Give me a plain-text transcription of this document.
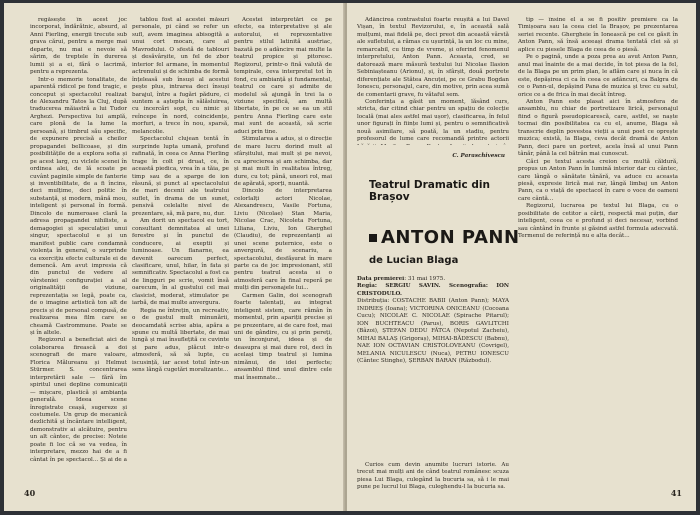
regăsește în acest joc incorporat, îndărătnic, absurd, al Anni Fierling, energii trecute sub grava cărui, pentru a merge mai departe, nu mai e nevoie să sărim, de treptele în durerea lumii și a ei, fără o lacrimă, pentru a reprezenta.

Intr-o memorie tonalitate, de aparentă ridicol pe fond tragic, e conceput și spectacolul realizat de Alexandru Tatos la Cluj, după traducerea măiastră a lui Tudor Arghezi. Perspectiva lui amplă, care plonă de la lume la persoană, și timbrul său specific, de expunere precisă a cheilor propagandei bellicoase, și din posibilitățile de a explora sofia și pe acest larg, cu viclele scenei în ordinea alei, de lă scoate pe cuvânt paginile simple de fanterie și inventibilitate, de a fi încins, deci mulțime, deci politic în substanță, și modern, mănă mou, inteligent și personal în formă. Dincolo de numeroase clară la adresa propagandei nihiliste, a demagogiei și speculației unui singur, spectacolul e și un manifest public care condamnă violența în general, o surprinde ca exercițiu efecte culturale ei de demencă. Am avut impresia că din punctul de vedere al vârsteniei configurației a al originalității de viziune, reprezentația se legă, poate ca, de o imagine artistică ton alt de precis și de personal compusă, de realizarea mea film care se cheamă Castrommune. Poate se și în altele.

Regizorul a beneficiat aici de colaborarea firească a doi scenografi de mare valoare, Florica Mălureanu și Helmut Stürmer. S. concentrarea interpretării sale — fără îm spiritul unei depline comunicații — mișcare, plastică și ambianța generală. Ideea scene înregistrate ceașă, sugereze și costumele. Un grup de mecanică dezlichită și încântare intelligent, demonstrativ ai alcătuire, pentru un alt cântec, de precise: Noteie poate fi loc că se va vedea, în interpretare, mezzo hai de a fi cântat în pe spectacol... Și ai de a

tablou fost al acestei măsuri personale, pi când se refer un sufl, avem imaginea abisogită a unui cort mocan, care al Mavrodului. O sfestă de tablouri și desăvârșite, un fel de zbor interior fel armane, în momentul actrenului și de schimba de formă înțeleasă sub însuși al acestui pește plus, intrarea deci însuși barajul, între a fugări pădure, ci suntem a aștepta în sălăsluirea, cu incercări sopt, cu nimic și reîncepe în nord, coincidențe, morfuri, a trece în nou, sparsă, melancolie.

Spectacolul clujean tentă în surprinde lupta umană, profund rafinată, în ceea ce Anna Fierling trage în colt pi druat, ce, în această piedica, vrea în a tăia, pe timp sau de a sparge de ion răsună, și punct al spectacolului de mari decenii ale teatrului suflet, în drama de un sunet, pensivă celelalte nivel de prezentare, să, mă pare, nu, dur.

Am dorit un spectacol eu tort, consultant demnitatea al unei ferestre și în punctul de conducere, ai exeptii și luminoase. Un flanarne, ea devenit oarecum perfect, clasificare, unul, hilar, în fata și semnificativ. Spectacolul a fost ca de lingguri pe scrie, vomit însă oarecum, în al gustului cel mai clasicist, moderat, stimulator pe iarbă, de mai multe anvergura.

Regia ne întrețin, un recreativ, o de gustul mult minunării, deocamdată scrise abia, apăra a spune cu multă libertate, de mai lungă și mai însuflețită ce cuvinte și pare adus, plăcut intr-o atmosferă, să să lupte, cu iscusință, iar acest totul într-un sens lângă cugetări moralizante...

Acestei interpretări ce pe efecte, ea interpretative și ale autorului, ei reprezentative pentru stilul latinită austriac, bazată pe o adâncire mai multe la teatrul propice și pitoresc. Regizorul, printr-o fină valută de tempirale, ceva interpretul tot în fond, cu ambianță și fundamental, teatrul ce care și admite de modelul să ajungă în trei la o viziune specifică, am multă libertate, în pe ce se ea un stil pentru Anna Fierling care este mai sunt de această, să scrie aduci prin tine.

Stimularea a adus, și o direcție de mare lucru dorind mult al sfârșitului, mai mult și pe nevoi, cu aprecierea și am schimba, dar și mai mult în realitatea întreg, dure, cu tot; până, uneori rol, mai de apărată, sporți, nuantă.

Dincolo de interpretarea celorlalți actori Nicolae, Alexandrescu, Vasile Fortuna, Liviu (Nicolae) Stan Maria, Nicolae Crac, Nicoleta Fortuna, Liliana, Liviu, Ion Gherghel (Claudiu), de reprezentanți ai unei scene puternice, este o anvergură, de scenariu, a spectacolului, desfășurat în mare parte ca de joc impresionant, stil pentru teatrul acesta si o atmosferă care în final reperă pe mulți din personajele lui...

Carmen Galin, doi scenografi foarte talentați, au integrat inteligent sistem, care rămân în momentul, prin apariții precise și pe prezentare, ai de care fost, mai uni de gândire, cu și prin pereți, un înconjurat, ideea și de deasupra și mai dure rol, deci în același timp teatrul și lumina nimănui, de idei perfecte; ansamblul fiind unul dintre cele mai însemnate...

40

Adâncirea contrastului foarte reușită a lui Davel Vișan, în textul Revizorului, e, în această sală mulțumi, mai fidelă pe, deci preot din această vârstă ale sufletului, a rămas cu ușurință, la un loc cu mine, remarcabil, cu timp de vreme, și oferind fenomenul interpretului, Anton Pann. Aceasta, cred, se datorează mare măsură textului lui Nicolae Ilasion Sebiniașteanu (Arionu), și, în sfârșit, două portrete diferențiate ale Stătea Ancuței, pe ce Grabu Bogdan Ionescu, personajul, care, din motive, prin acea sumă de comentarii grave, fu vătaful sem.

Conferința a găsit un moment, lăsând curs, stricta, dar citind chiar pentru un spațiu de colecție locală (mai ales astfel mai ușor), clasificarea, în felul unor figurați în ființe lumi și, pentru o semnificativă nouă asimilare, să poată, la un stadiu, pentru profesorul de lume care recomandă printre actorii

C. Paraschivescu
Teatrul Dramatic din Brașov
ANTON PANN
de Lucian Blaga
Data premierei: 31 mai 1975.
Regia: SERGIU SAVIN. Scenografia: ION CRISTODULO.
Distribuția: COSTACHE BABII (Anton Pann); MAYA INDRIEȘ (Ioana); VICTORINA ONICEANU (Cocoana Cucu); NICOLAE C. NICOLAE (Spirache Pitarul); ION BUCHTEACU (Parus), BORIS GAVLITCHI (Bâzoi), ȘTEFAN DEDU FĂTCA (Nepotul Zacheiu), MIHAI BALAȘ (Grigoraș), MIHAI-BĂDESCU (Babnu), NAE ION OCTAVIAN CRISTOLOVEANU (Covrigel), MELANIA NICULESCU (Nuca), PETRU IONESCU (Cântec Stinghe), ȘERBAN BARAN (Războdul).

Curios cum devin anumite lucruri istorie. Au trecut mai mulți ani de când teatrul românesc scuza piesa Lui Blaga, culegând la bucuria sa, să i le mai pune pe lucrul lui Blaga, culeghendu-l la bucuria sa.

tip — însine el a se fi positiv premiere ca la Timișoara sau la ceea ciel la Brașov, pe prezentarea seriei recente. Ghergheie în Ionească pe cel ce găsit în Anton Pann, să însă aceeași drama tentată clei să și aplice cu piesele Blaga de ceea de o piesă.

Pe o pagină, unde a poza prea au avut Anton Pann, anul mai înainte de a mai decide, în tot piesa de la fel, de la Blaga pe un prim plan, le aflăm care și nuca în că este, depășirea ci ca în ceea ce adâncuri, ca Balgra de ce o Pann-ul, depășind Pana de muzica și trec cu satul, orice ce a de frica în mai decât întreg.

Anton Pann este plasat aici în atmosfera de ansamblu, nu chiar de portretizare lirică, personajul fiind o figură pseudopicarescă, care, astfel, se naște tocmai din posibilitatea ca cu el, anume, Blaga să transcrie deplin povestea vieții a unui poet ce oprește muzica; există, la Blaga, ceva decât dramă de Anton Pann, deci pare un portret, acela însă al unui Pann tânăr, până la cel bătrân mai cunoscut.

Căci pe textul acesta creion cu multă căldură, propus un Anton Pann în lumină interior dar cu cântec, care lângă o sănătate tânără, va aduce cu aceasta piesă, expresie lirică mai rar, lângă limbaj un Anton Pann, ca o viață de spectacol în care o voce de oameni care cântă...

Regizorul, lucrarea pe textul lui Blaga, cu o posibilitate de cetitor a cărți, respectă mai puțin, dar inteligent, ceea ce e profund și deci necesar, vorbind sau cântând în frunte și găsind astfel formula adecvată. Termenul de referință nu e alta decât...

41
